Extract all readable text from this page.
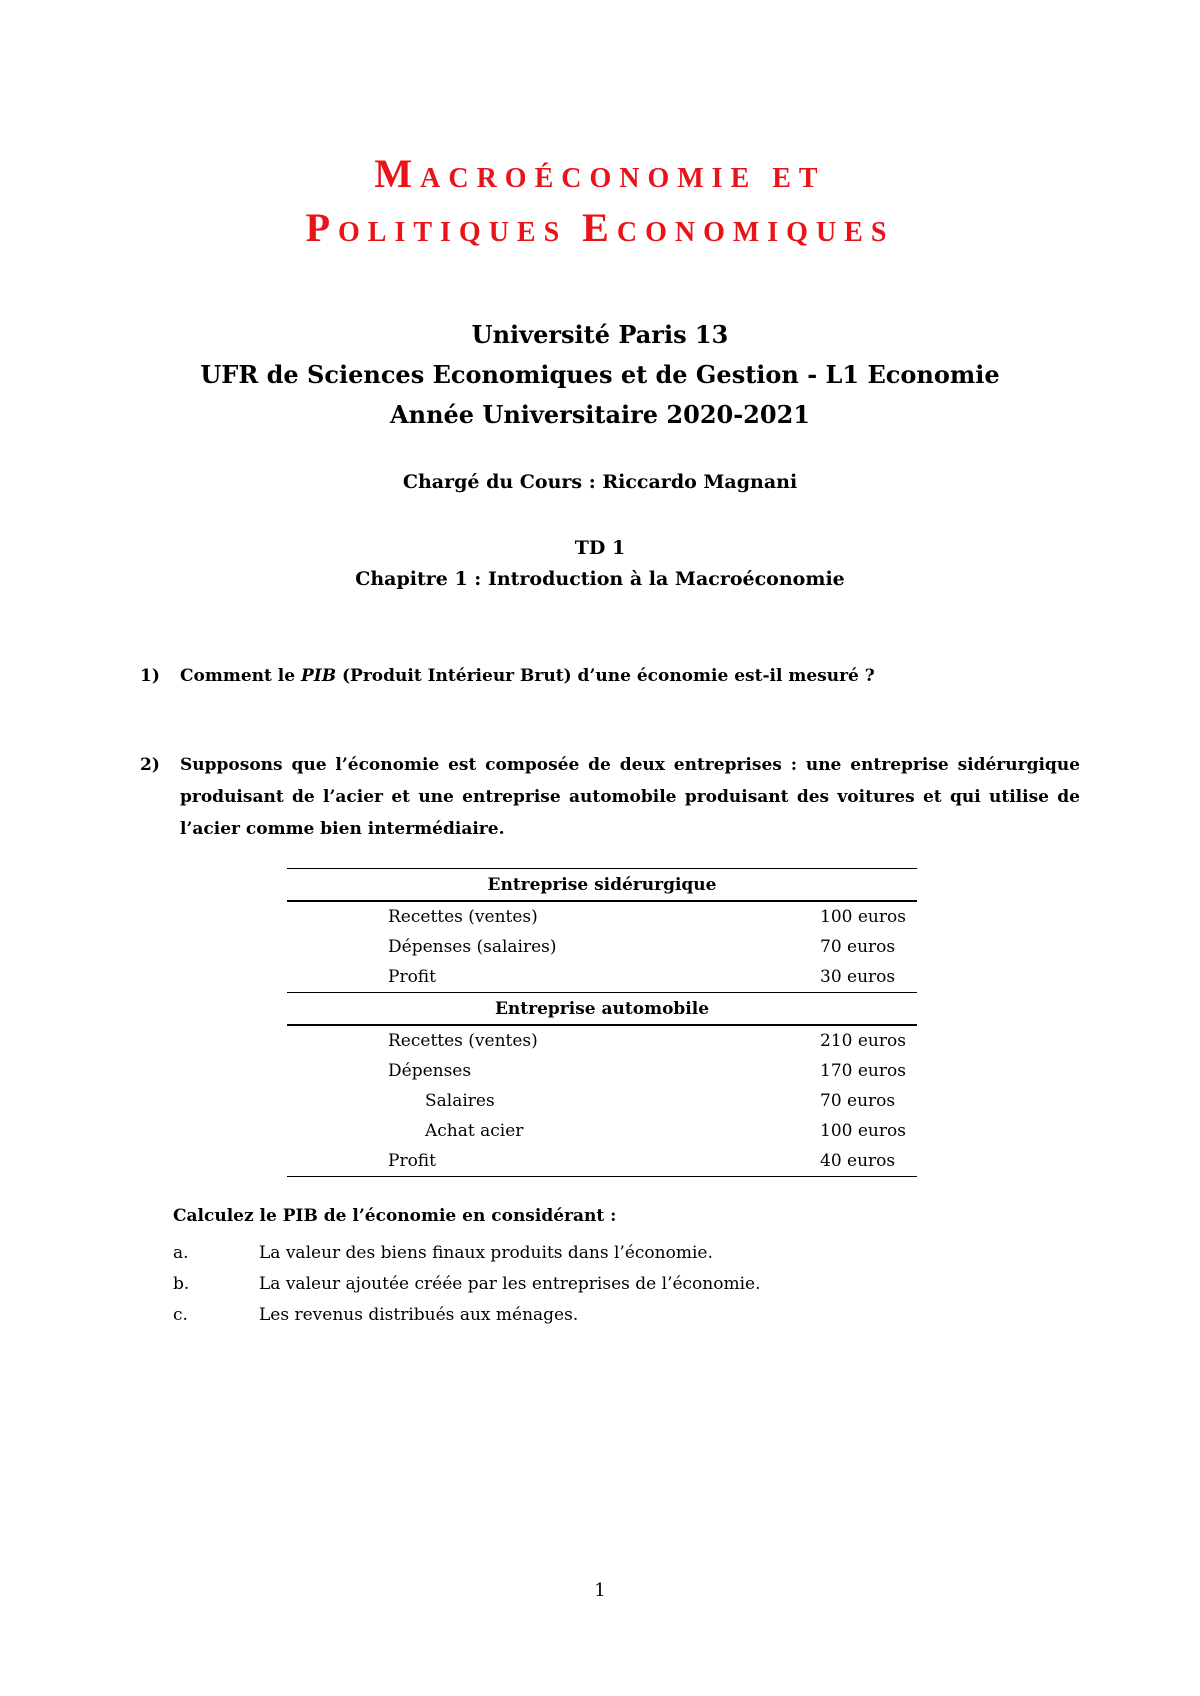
MACROÉCONOMIE ET

POLITIQUES ECONOMIQUES

Université Paris 13

UFR de Sciences Economiques et de Gestion - L1 Economie

Année Universitaire 2020-2021

Chargé du Cours : Riccardo Magnani

TD 1

Chapitre 1 : Introduction à la Macroéconomie

1) Comment le PIB (Produit Intérieur Brut) d’une économie est-il mesuré ?
2) Supposons que l’économie est composée de deux entreprises : une entreprise sidérurgique produisant de l’acier et une entreprise automobile produisant des voitures et qui utilise de l’acier comme bien intermédiaire.
Entreprise sidérurgique	
Recettes (ventes)	100 euros
Dépenses (salaires)	70 euros
Profit	30 euros
Entreprise automobile	
Recettes (ventes)	210 euros
Dépenses	170 euros
Salaires	70 euros
Achat acier	100 euros
Profit	40 euros

Calculez le PIB de l’économie en considérant :

a.	La valeur des biens finaux produits dans l’économie.
b.	La valeur ajoutée créée par les entreprises de l’économie.
c.	Les revenus distribués aux ménages.

1
